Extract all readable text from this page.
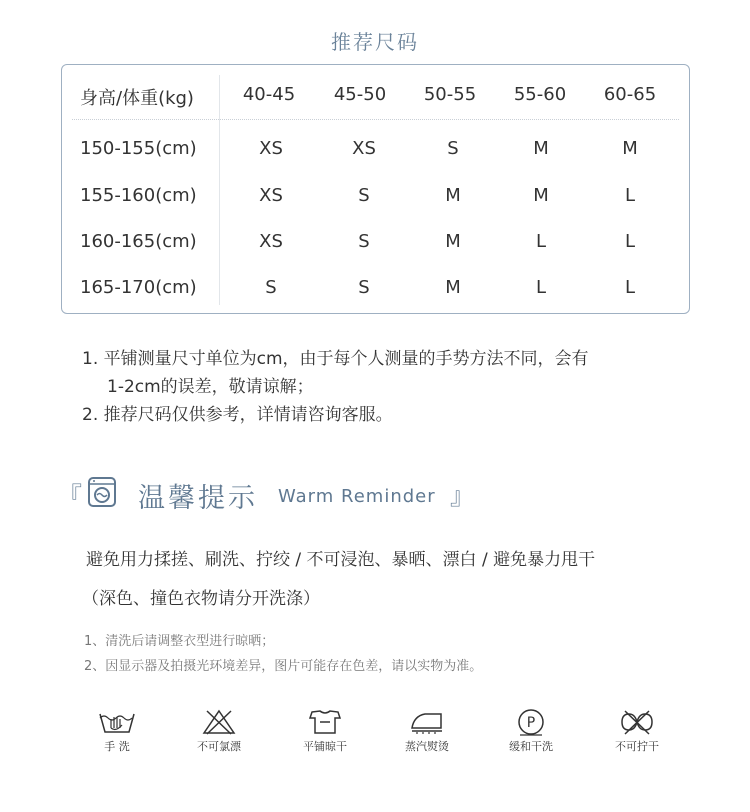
推荐尺码
身高/体重(kg)	40-45	45-50	50-55	55-60	60-65
150-155(cm)	XS	XS	S	M	M
155-160(cm)	XS	S	M	M	L
160-165(cm)	XS	S	M	L	L
165-170(cm)	S	S	M	L	L
1. 平铺测量尺寸单位为cm，由于每个人测量的手势方法不同，会有
1-2cm的误差，敬请谅解；
2. 推荐尺码仅供参考，详情请咨询客服。
『 温馨提示 Warm Reminder 』
避免用力揉搓、刷洗、拧绞 / 不可浸泡、暴晒、漂白 / 避免暴力甩干
（深色、撞色衣物请分开洗涤）
1、清洗后请调整衣型进行晾晒；
2、因显示器及拍摄光环境差异，图片可能存在色差，请以实物为准。
手 洗	不可氯漂	平铺晾干	蒸汽熨烫
P
缓和干洗	不可拧干
